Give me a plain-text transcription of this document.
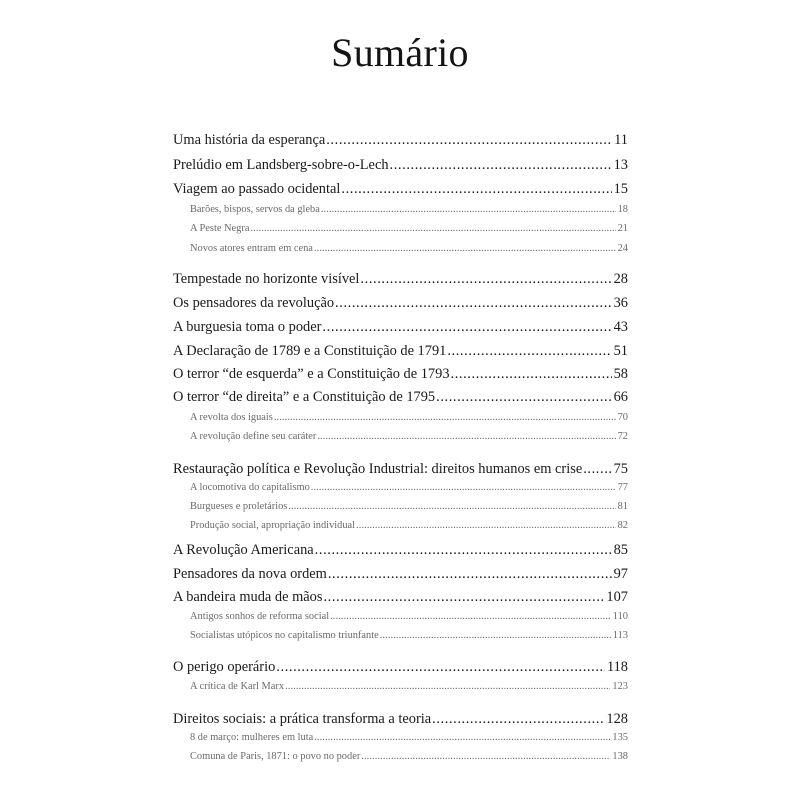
Sumário
Uma história da esperança .....	11
Prelúdio em Landsberg-sobre-o-Lech .....	13
Viagem ao passado ocidental .....	15
Barões, bispos, servos da gleba .....	18
A Peste Negra .....	21
Novos atores entram em cena .....	24
Tempestade no horizonte visível .....	28
Os pensadores da revolução .....	36
A burguesia toma o poder .....	43
A Declaração de 1789 e a Constituição de 1791 .....	51
O terror “de esquerda” e a Constituição de 1793 .....	58
O terror “de direita” e a Constituição de 1795 .....	66
A revolta dos iguais .....	70
A revolução define seu caráter .....	72
Restauração política e Revolução Industrial: direitos humanos em crise ..... 75
A locomotiva do capitalismo .....	77
Burgueses e proletários .....	81
Produção social, apropriação individual .....	82
A Revolução Americana .....	85
Pensadores da nova ordem .....	97
A bandeira muda de mãos .....	107
Antigos sonhos de reforma social .....	110
Socialistas utópicos no capitalismo triunfante .....	113
O perigo operário .....	118
A crítica de Karl Marx .....	123
Direitos sociais: a prática transforma a teoria .....	128
8 de março: mulheres em luta .....	135
Comuna de Paris, 1871: o povo no poder .....	138
